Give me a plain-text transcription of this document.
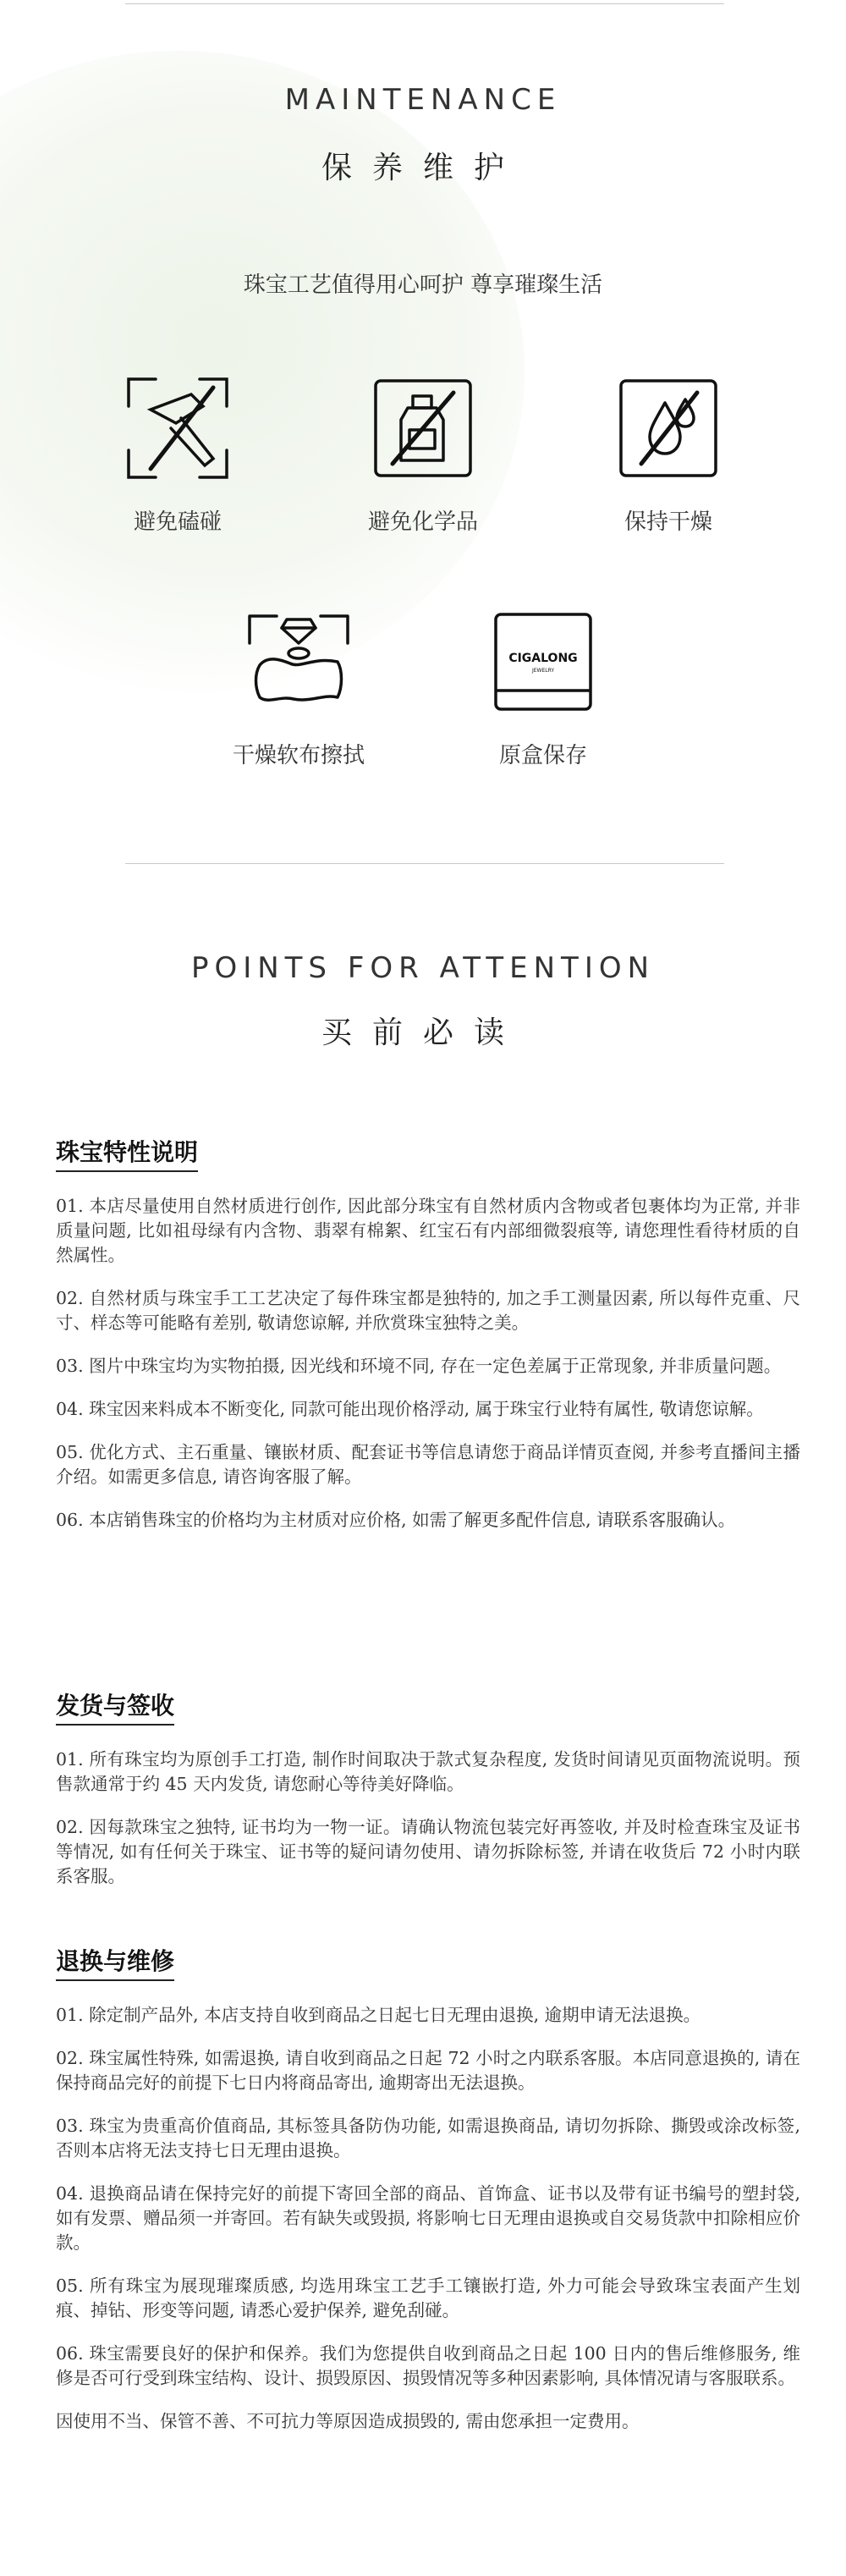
MAINTENANCE
保养维护
珠宝工艺值得用心呵护 尊享璀璨生活
避免磕碰	避免化学品	保持干燥
干燥软布擦拭
CIGALONG
JEWELRY
原盒保存
POINTS FOR ATTENTION
买前必读
珠宝特性说明

01. 本店尽量使用自然材质进行创作, 因此部分珠宝有自然材质内含物或者包裹体均为正常, 并非质量问题, 比如祖母绿有内含物、翡翠有棉絮、红宝石有内部细微裂痕等, 请您理性看待材质的自然属性。

02. 自然材质与珠宝手工工艺决定了每件珠宝都是独特的, 加之手工测量因素, 所以每件克重、尺寸、样态等可能略有差别, 敬请您谅解, 并欣赏珠宝独特之美。

03. 图片中珠宝均为实物拍摄, 因光线和环境不同, 存在一定色差属于正常现象, 并非质量问题。

04. 珠宝因来料成本不断变化, 同款可能出现价格浮动, 属于珠宝行业特有属性, 敬请您谅解。

05. 优化方式、主石重量、镶嵌材质、配套证书等信息请您于商品详情页查阅, 并参考直播间主播介绍。如需更多信息, 请咨询客服了解。

06. 本店销售珠宝的价格均为主材质对应价格, 如需了解更多配件信息, 请联系客服确认。

发货与签收

01. 所有珠宝均为原创手工打造, 制作时间取决于款式复杂程度, 发货时间请见页面物流说明。预售款通常于约 45 天内发货, 请您耐心等待美好降临。

02. 因每款珠宝之独特, 证书均为一物一证。请确认物流包装完好再签收, 并及时检查珠宝及证书等情况, 如有任何关于珠宝、证书等的疑问请勿使用、请勿拆除标签, 并请在收货后 72 小时内联系客服。

退换与维修

01. 除定制产品外, 本店支持自收到商品之日起七日无理由退换, 逾期申请无法退换。

02. 珠宝属性特殊, 如需退换, 请自收到商品之日起 72 小时之内联系客服。本店同意退换的, 请在保持商品完好的前提下七日内将商品寄出, 逾期寄出无法退换。

03. 珠宝为贵重高价值商品, 其标签具备防伪功能, 如需退换商品, 请切勿拆除、撕毁或涂改标签, 否则本店将无法支持七日无理由退换。

04. 退换商品请在保持完好的前提下寄回全部的商品、首饰盒、证书以及带有证书编号的塑封袋, 如有发票、赠品须一并寄回。若有缺失或毁损, 将影响七日无理由退换或自交易货款中扣除相应价款。

05. 所有珠宝为展现璀璨质感, 均选用珠宝工艺手工镶嵌打造, 外力可能会导致珠宝表面产生划痕、掉钻、形变等问题, 请悉心爱护保养, 避免刮碰。

06. 珠宝需要良好的保护和保养。我们为您提供自收到商品之日起 100 日内的售后维修服务, 维修是否可行受到珠宝结构、设计、损毁原因、损毁情况等多种因素影响, 具体情况请与客服联系。

因使用不当、保管不善、不可抗力等原因造成损毁的, 需由您承担一定费用。
